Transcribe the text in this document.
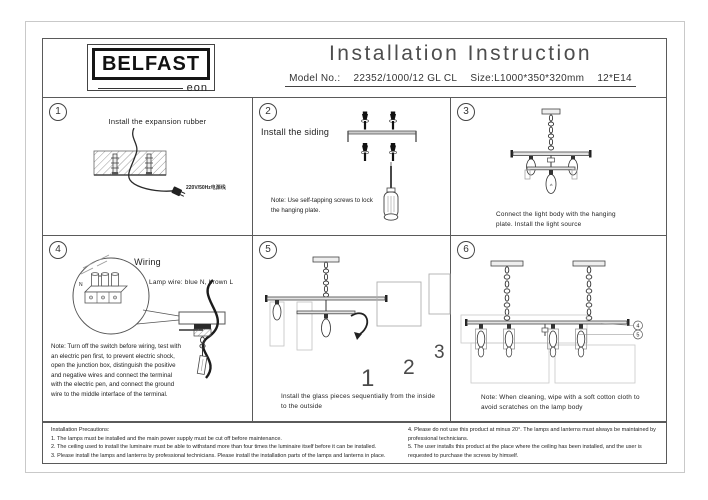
BELFAST
eon
Installation Instruction
Model No.: 22352/1000/12 GL CL Size:L1000*350*320mm 12*E14
1
220V/50Hz电源线
Install the expansion rubber
2
Install the siding
Note: Use self-tapping screws to lock the hanging plate.
3
Connect the light body with the hanging plate. Install the light source
4
N
Wiring
Lamp wire: blue N, brown L
Note: Turn off the switch before wiring, test with an electric pen first, to prevent electric shock, open the junction box, distinguish the positive and negative wires and connect the terminal with the electric pen, and connect the ground wire to the middle interface of the terminal.
5
1 2
3
Install the glass pieces sequentially from the inside to the outside
6
4
5
Note: When cleaning, wipe with a soft cotton cloth to avoid scratches on the lamp body
Installation Precautions:
1. The lamps must be installed and the main power supply must be cut off before maintenance.
2. The ceiling used to install the luminaire must be able to withstand more than four times the luminaire itself before it can be installed.
3. Please install the lamps and lanterns by professional technicians. Please install the installation parts of the lamps and lanterns in place.
4. Please do not use this product at minus 20°. The lamps and lanterns must always be maintained by professional technicians.
5. The user installs this product at the place where the ceiling has been installed, and the user is requested to purchase the screws by himself.
